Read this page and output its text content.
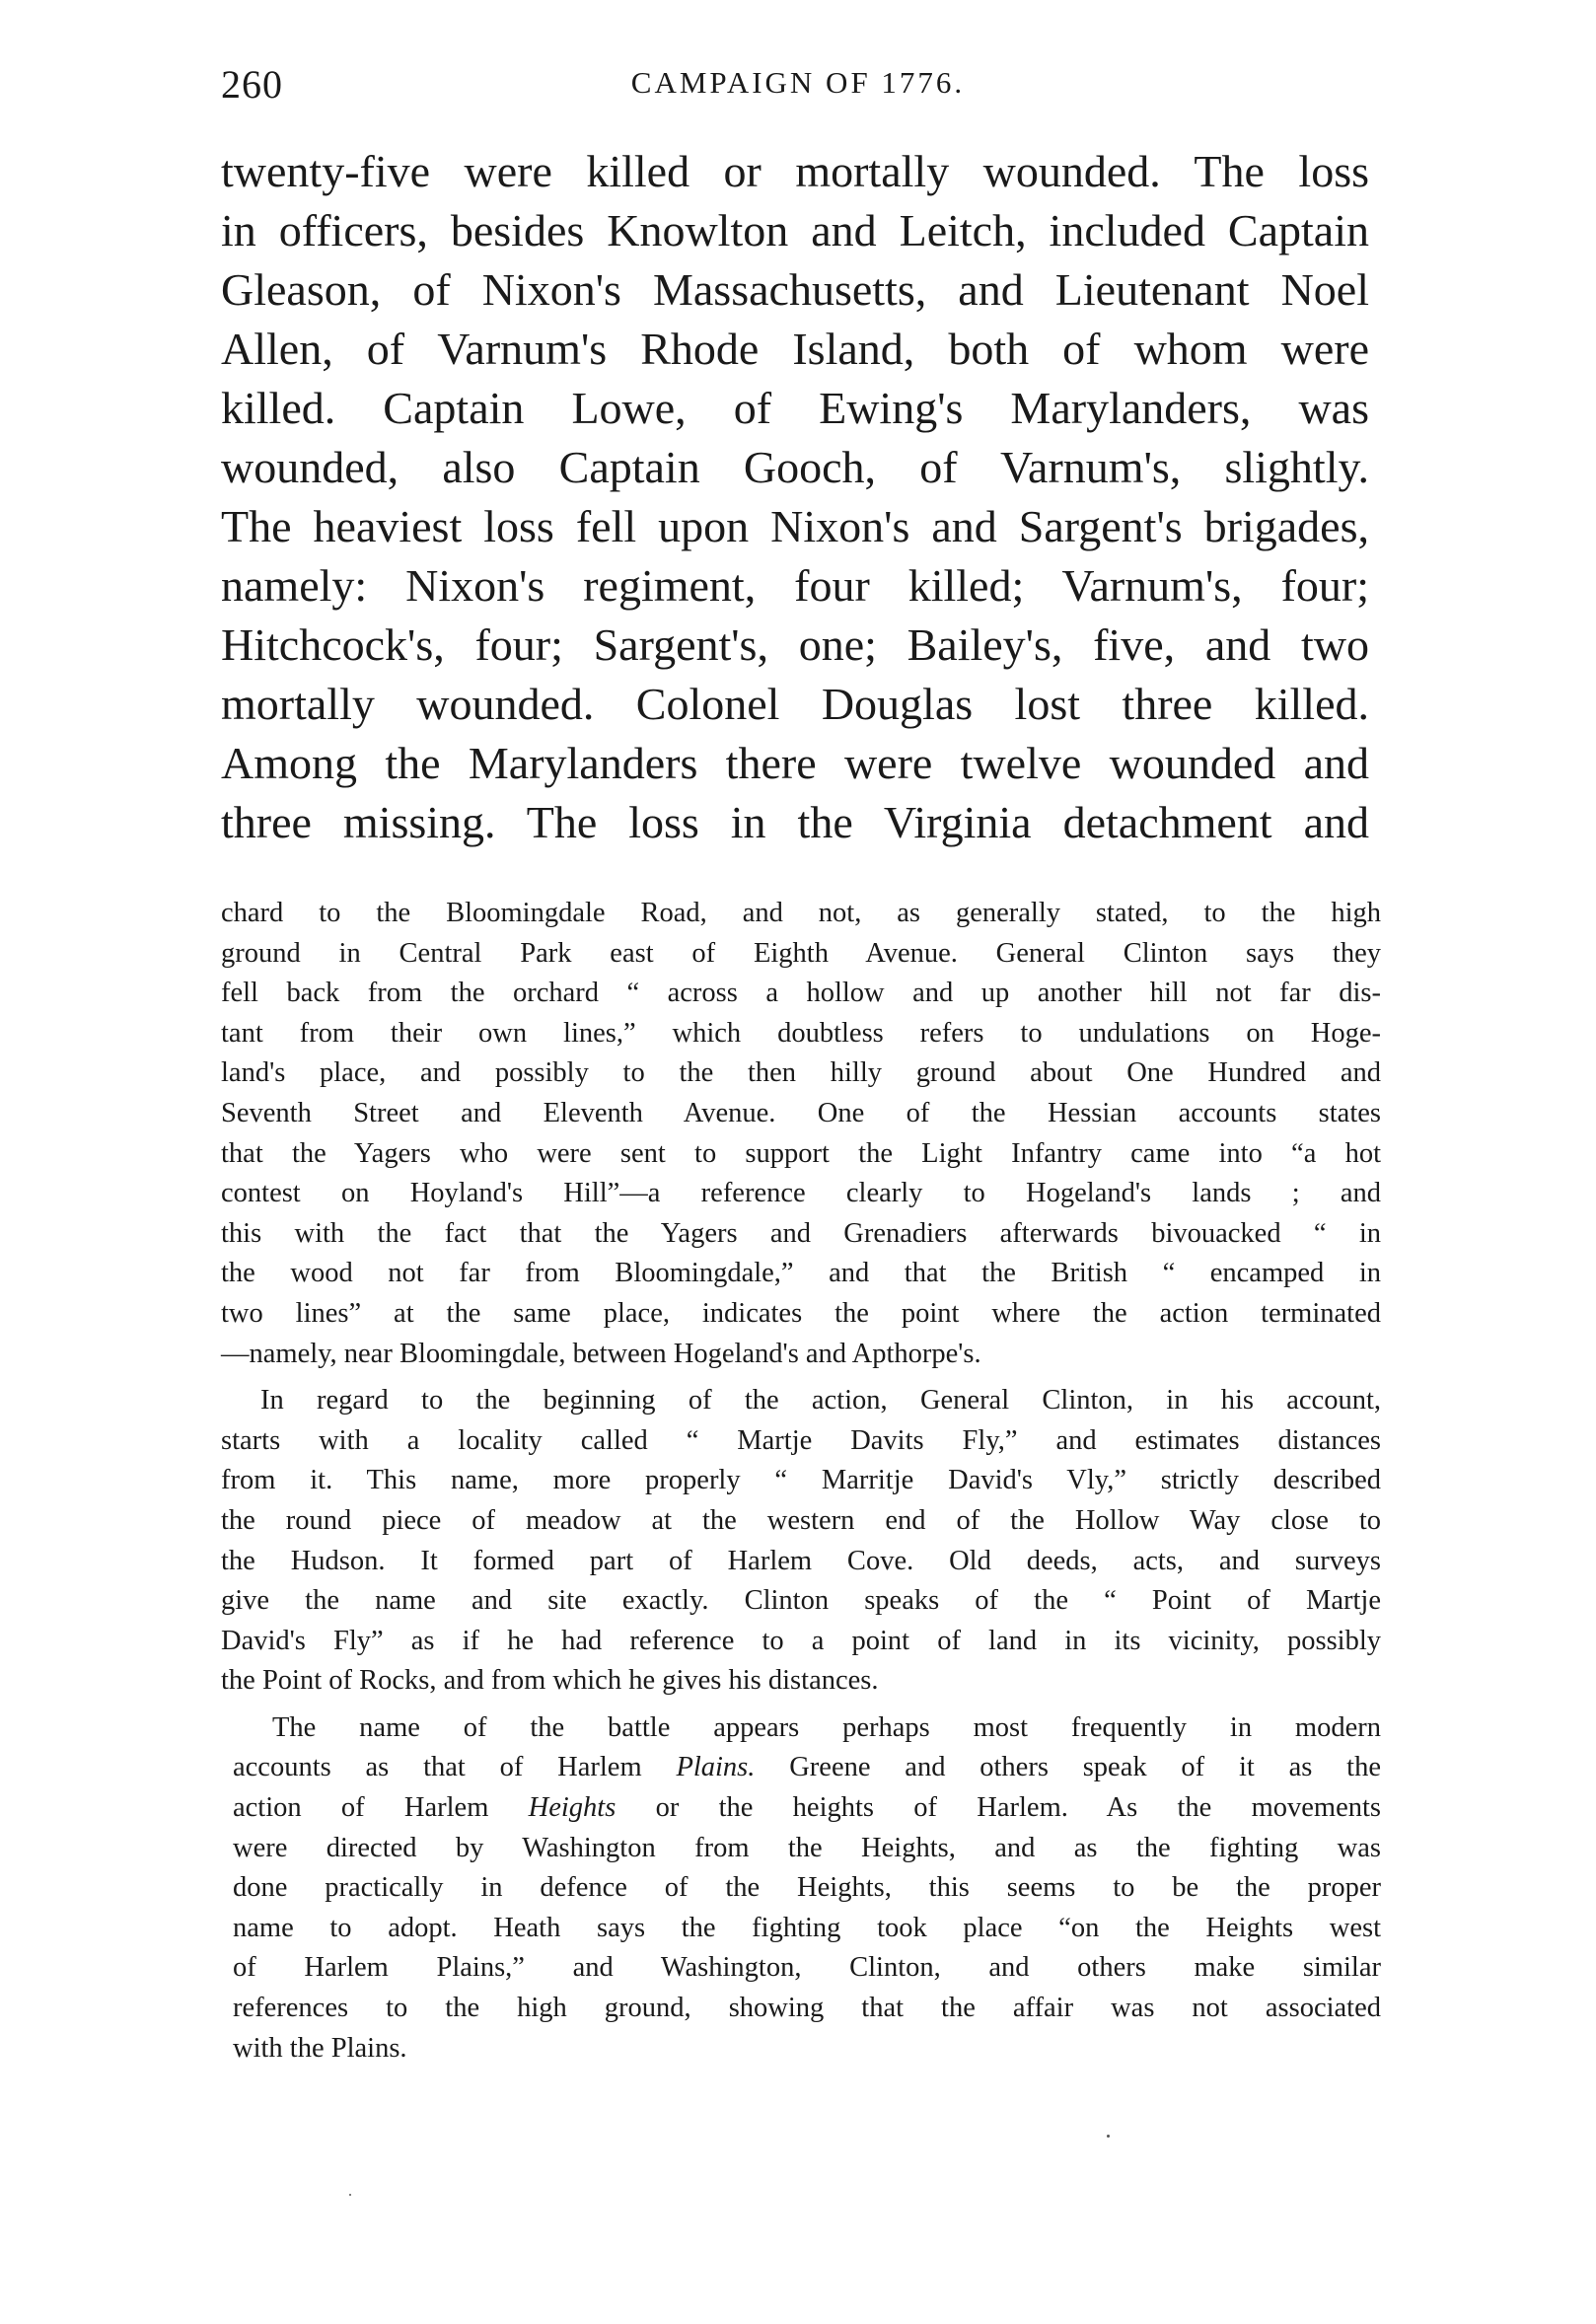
260	CAMPAIGN OF 1776.

twenty-five were killed or mortally wounded. The loss
in officers, besides Knowlton and Leitch, included Captain
Gleason, of Nixon's Massachusetts, and Lieutenant Noel
Allen, of Varnum's Rhode Island, both of whom were
killed. Captain Lowe, of Ewing's Marylanders, was
wounded, also Captain Gooch, of Varnum's, slightly.
The heaviest loss fell upon Nixon's and Sargent's brigades,
namely: Nixon's regiment, four killed; Varnum's, four;
Hitchcock's, four; Sargent's, one; Bailey's, five, and two
mortally wounded. Colonel Douglas lost three killed.
Among the Marylanders there were twelve wounded and
three missing. The loss in the Virginia detachment and

chard to the Bloomingdale Road, and not, as generally stated, to the high
ground in Central Park east of Eighth Avenue. General Clinton says they
fell back from the orchard “ across a hollow and up another hill not far dis-
tant from their own lines,” which doubtless refers to undulations on Hoge-
land's place, and possibly to the then hilly ground about One Hundred and
Seventh Street and Eleventh Avenue. One of the Hessian accounts states
that the Yagers who were sent to support the Light Infantry came into “a hot
contest on Hoyland's Hill”—a reference clearly to Hogeland's lands ; and
this with the fact that the Yagers and Grenadiers afterwards bivouacked “ in
the wood not far from Bloomingdale,” and that the British “ encamped in
two lines” at the same place, indicates the point where the action terminated
—namely, near Bloomingdale, between Hogeland's and Apthorpe's.

In regard to the beginning of the action, General Clinton, in his account,
starts with a locality called “ Martje Davits Fly,” and estimates distances
from it. This name, more properly “ Marritje David's Vly,” strictly described
the round piece of meadow at the western end of the Hollow Way close to
the Hudson. It formed part of Harlem Cove. Old deeds, acts, and surveys
give the name and site exactly. Clinton speaks of the “ Point of Martje
David's Fly” as if he had reference to a point of land in its vicinity, possibly
the Point of Rocks, and from which he gives his distances.

The name of the battle appears perhaps most frequently in modern
accounts as that of Harlem Plains. Greene and others speak of it as the
action of Harlem Heights or the heights of Harlem. As the movements
were directed by Washington from the Heights, and as the fighting was
done practically in defence of the Heights, this seems to be the proper
name to adopt. Heath says the fighting took place “on the Heights west
of Harlem Plains,” and Washington, Clinton, and others make similar
references to the high ground, showing that the affair was not associated
with the Plains.
